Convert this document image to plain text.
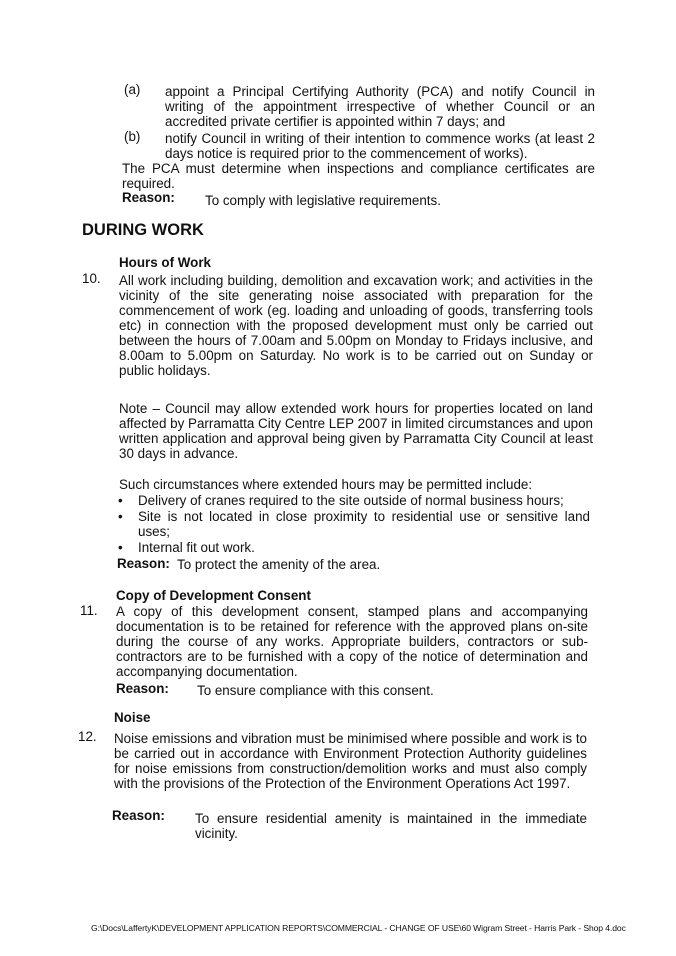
(a) appoint a Principal Certifying Authority (PCA) and notify Council in writing of the appointment irrespective of whether Council or an accredited private certifier is appointed within 7 days; and
(b) notify Council in writing of their intention to commence works (at least 2 days notice is required prior to the commencement of works).
The PCA must determine when inspections and compliance certificates are required.
Reason: To comply with legislative requirements.
DURING WORK
Hours of Work
10. All work including building, demolition and excavation work; and activities in the vicinity of the site generating noise associated with preparation for the commencement of work (eg. loading and unloading of goods, transferring tools etc) in connection with the proposed development must only be carried out between the hours of 7.00am and 5.00pm on Monday to Fridays inclusive, and 8.00am to 5.00pm on Saturday. No work is to be carried out on Sunday or public holidays.
Note – Council may allow extended work hours for properties located on land affected by Parramatta City Centre LEP 2007 in limited circumstances and upon written application and approval being given by Parramatta City Council at least 30 days in advance.
Such circumstances where extended hours may be permitted include:
• Delivery of cranes required to the site outside of normal business hours;
• Site is not located in close proximity to residential use or sensitive land uses;
• Internal fit out work.
Reason: To protect the amenity of the area.
Copy of Development Consent
11. A copy of this development consent, stamped plans and accompanying documentation is to be retained for reference with the approved plans on-site during the course of any works. Appropriate builders, contractors or sub-contractors are to be furnished with a copy of the notice of determination and accompanying documentation.
Reason: To ensure compliance with this consent.
Noise
12. Noise emissions and vibration must be minimised where possible and work is to be carried out in accordance with Environment Protection Authority guidelines for noise emissions from construction/demolition works and must also comply with the provisions of the Protection of the Environment Operations Act 1997.
Reason: To ensure residential amenity is maintained in the immediate vicinity.
G:\Docs\LaffertyK\DEVELOPMENT APPLICATION REPORTS\COMMERCIAL - CHANGE OF USE\60 Wigram Street - Harris Park - Shop 4.doc
